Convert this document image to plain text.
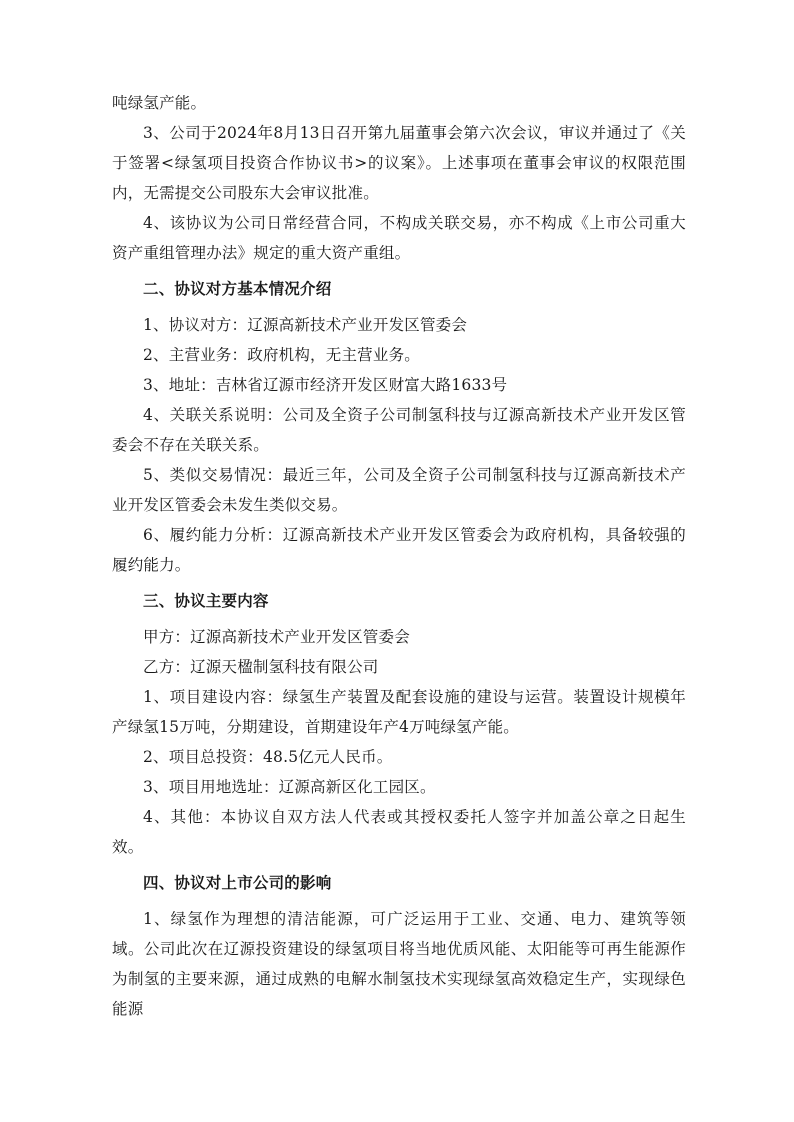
吨绿氢产能。

3、公司于2024年8月13日召开第九届董事会第六次会议，审议并通过了《关于签署<绿氢项目投资合作协议书>的议案》。上述事项在董事会审议的权限范围内，无需提交公司股东大会审议批准。

4、该协议为公司日常经营合同，不构成关联交易，亦不构成《上市公司重大资产重组管理办法》规定的重大资产重组。

二、协议对方基本情况介绍

1、协议对方：辽源高新技术产业开发区管委会

2、主营业务：政府机构，无主营业务。

3、地址：吉林省辽源市经济开发区财富大路1633号

4、关联关系说明：公司及全资子公司制氢科技与辽源高新技术产业开发区管委会不存在关联关系。

5、类似交易情况：最近三年，公司及全资子公司制氢科技与辽源高新技术产业开发区管委会未发生类似交易。

6、履约能力分析：辽源高新技术产业开发区管委会为政府机构，具备较强的履约能力。

三、协议主要内容

甲方：辽源高新技术产业开发区管委会

乙方：辽源天楹制氢科技有限公司

1、项目建设内容：绿氢生产装置及配套设施的建设与运营。装置设计规模年产绿氢15万吨，分期建设，首期建设年产4万吨绿氢产能。

2、项目总投资：48.5亿元人民币。

3、项目用地选址：辽源高新区化工园区。

4、其他：本协议自双方法人代表或其授权委托人签字并加盖公章之日起生效。

四、协议对上市公司的影响

1、绿氢作为理想的清洁能源，可广泛运用于工业、交通、电力、建筑等领域。公司此次在辽源投资建设的绿氢项目将当地优质风能、太阳能等可再生能源作为制氢的主要来源，通过成熟的电解水制氢技术实现绿氢高效稳定生产，实现绿色能源
